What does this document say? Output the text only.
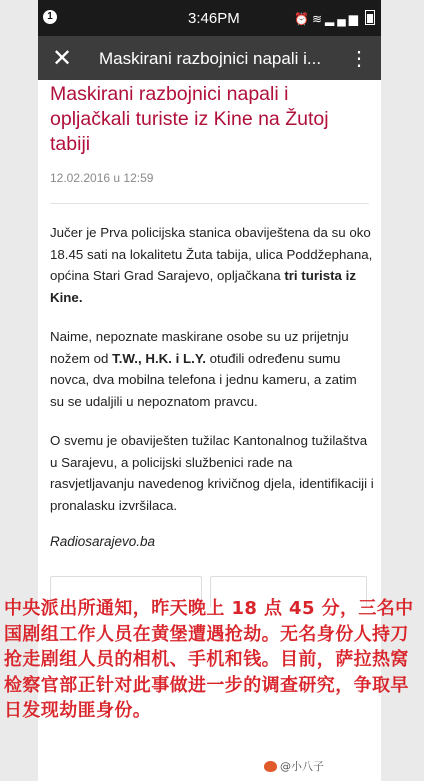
1	3:46PM	⏰≋▂▄▆
✕ Maskirani razbojnici napali i...	⋮
Maskirani razbojnici napali i opljačkali turiste iz Kine na Žutoj tabiji
12.02.2016 u 12:59

Jučer je Prva policijska stanica obaviještena da su oko 18.45 sati na lokalitetu Žuta tabija, ulica Poddžephana, općina Stari Grad Sarajevo, opljačkana tri turista iz Kine.

Naime, nepoznate maskirane osobe su uz prijetnju nožem od T.W., H.K. i L.Y. otuđili određenu sumu novca, dva mobilna telefona i jednu kameru, a zatim su se udaljili u nepoznatom pravcu.

O svemu je obaviješten tužilac Kantonalnog tužilaštva u Sarajevu, a policijski službenici rade na rasvjetljavanju navedenog krivičnog djela, identifikaciji i pronalasku izvršilaca.

Radiosarajevo.ba
中央派出所通知，昨天晚上 18 点 45 分，三名中国剧组工作人员在黄堡遭遇抢劫。无名身份人持刀抢走剧组人员的相机、手机和钱。目前，萨拉热窝检察官部正针对此事做进一步的调查研究，争取早日发现劫匪身份。
@小八子
